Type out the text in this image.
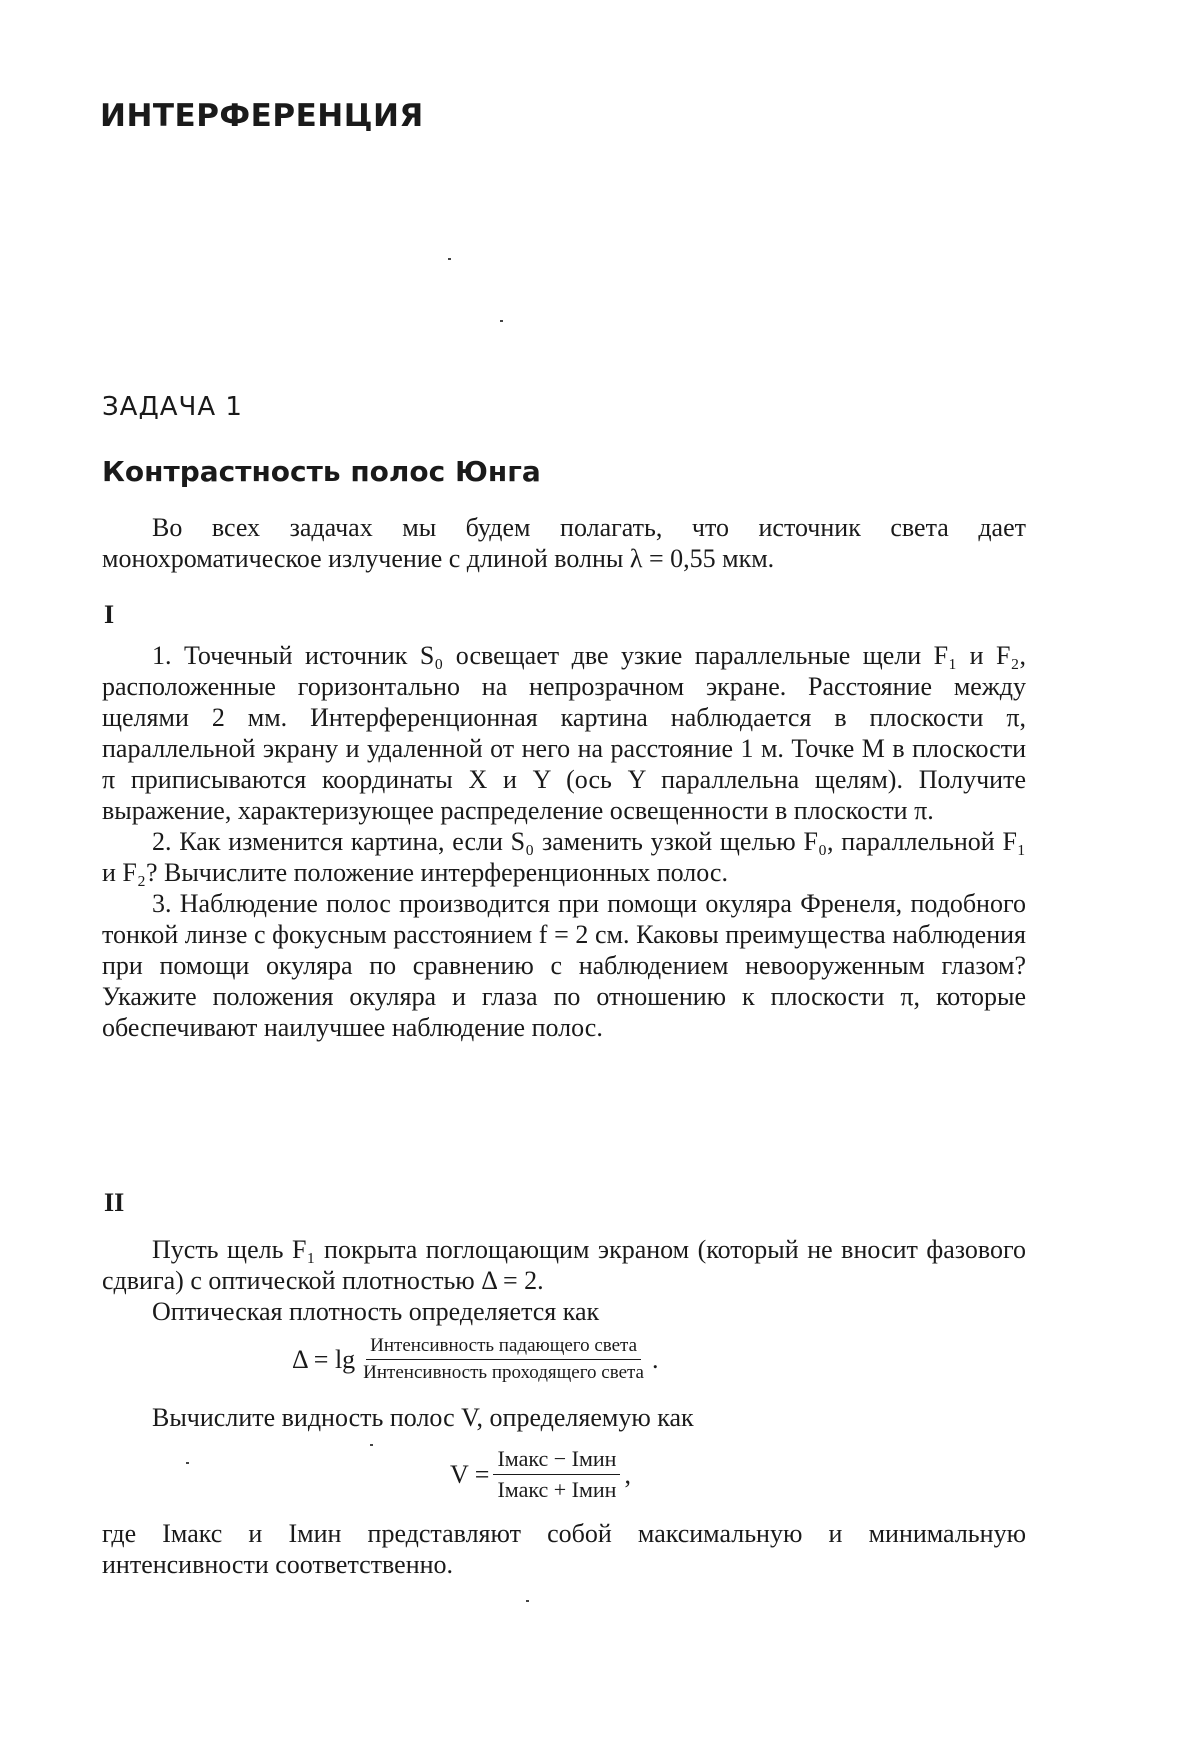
ИНТЕРФЕРЕНЦИЯ
ЗАДАЧА 1
Контрастность полос Юнга

Во всех задачах мы будем полагать, что источник света дает монохроматическое излучение с длиной волны λ = 0,55 мкм.

I

1. Точечный источник S₀ освещает две узкие параллельные щели F₁ и F₂, расположенные горизонтально на непрозрачном экране. Расстояние между щелями 2 мм. Интерференционная картина наблюдается в плоскости π, параллельной экрану и удаленной от него на расстояние 1 м. Точке M в плоскости π приписываются координаты X и Y (ось Y параллельна щелям). Получите выражение, характеризующее распределение освещенности в плоскости π.

2. Как изменится картина, если S₀ заменить узкой щелью F₀, параллельной F₁ и F₂? Вычислите положение интерференционных полос.

3. Наблюдение полос производится при помощи окуляра Френеля, подобного тонкой линзе с фокусным расстоянием f = 2 см. Каковы преимущества наблюдения при помощи окуляра по сравнению с наблюдением невооруженным глазом? Укажите положения окуляра и глаза по отношению к плоскости π, которые обеспечивают наилучшее наблюдение полос.

II

Пусть щель F₁ покрыта поглощающим экраном (который не вносит фазового сдвига) с оптической плотностью Δ = 2.

Оптическая плотность определяется как

Δ = lg Интенсивность падающего света
Интенсивность проходящего света .

Вычислите видность полос V, определяемую как

V =
Iмакс − Iмин
Iмакс + Iмин
,

где Iмакс и Iмин представляют собой максимальную и минимальную интенсивности соответственно.
